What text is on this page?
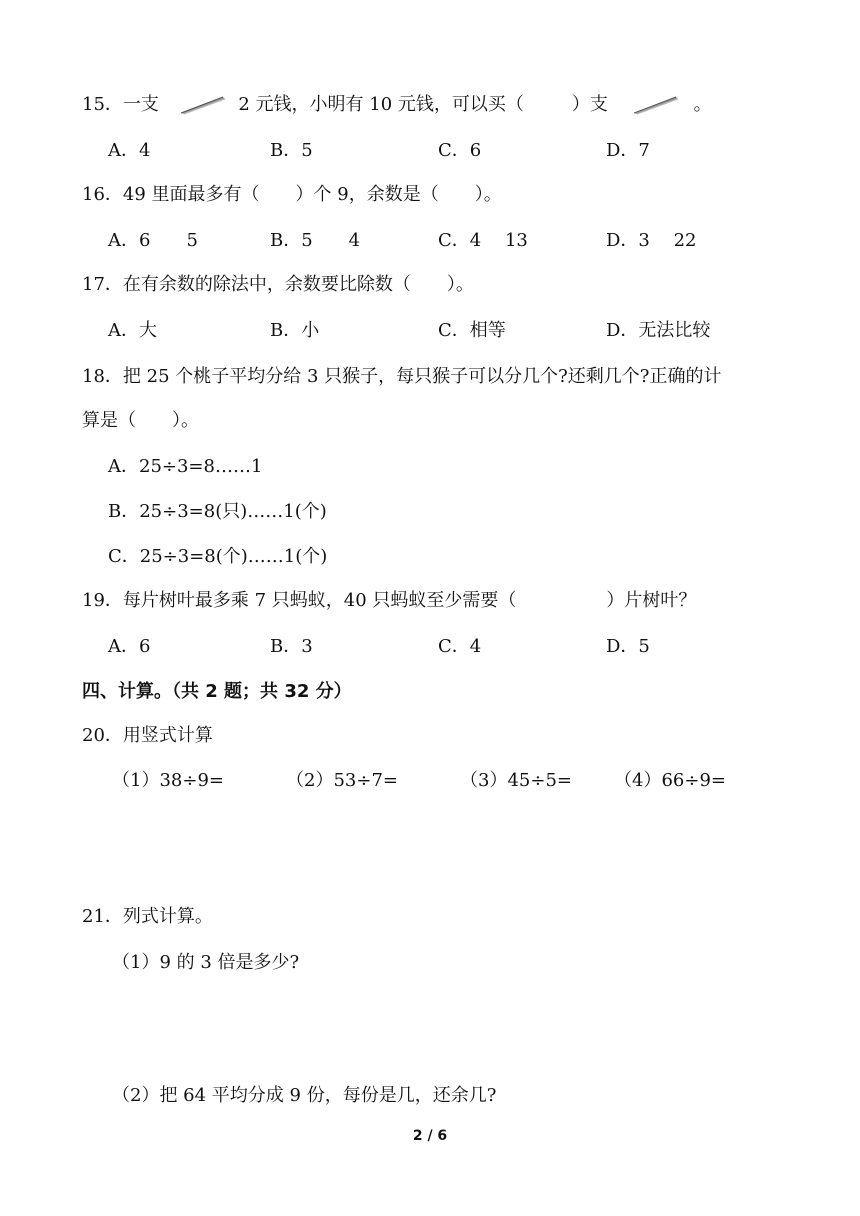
15．一支	2 元钱，小明有 10 元钱，可以买（	）支	。
A．4	B．5	C．6	D．7
16．49 里面最多有（　　）个 9，余数是（　　）。
A．6　　5	B．5　　4	C．4　 13	D．3　 22
17．在有余数的除法中，余数要比除数（　　）。
A．大	B．小	C．相等	D．无法比较
18．把 25 个桃子平均分给 3 只猴子，每只猴子可以分几个?还剩几个?正确的计
算是（　　）。
A．25÷3=8……1
B．25÷3=8(只)……1(个)
C．25÷3=8(个)……1(个)
19．每片树叶最多乘 7 只蚂蚁，40 只蚂蚁至少需要（　　　　　）片树叶？
A．6	B．3	C．4	D．5
四、计算。（共 2 题；共 32 分）
20．用竖式计算
（1）38÷9=	（2）53÷7=	（3）45÷5= （4）66÷9=
21．列式计算。
（1）9 的 3 倍是多少?
（2）把 64 平均分成 9 份，每份是几，还余几?
2 / 6
